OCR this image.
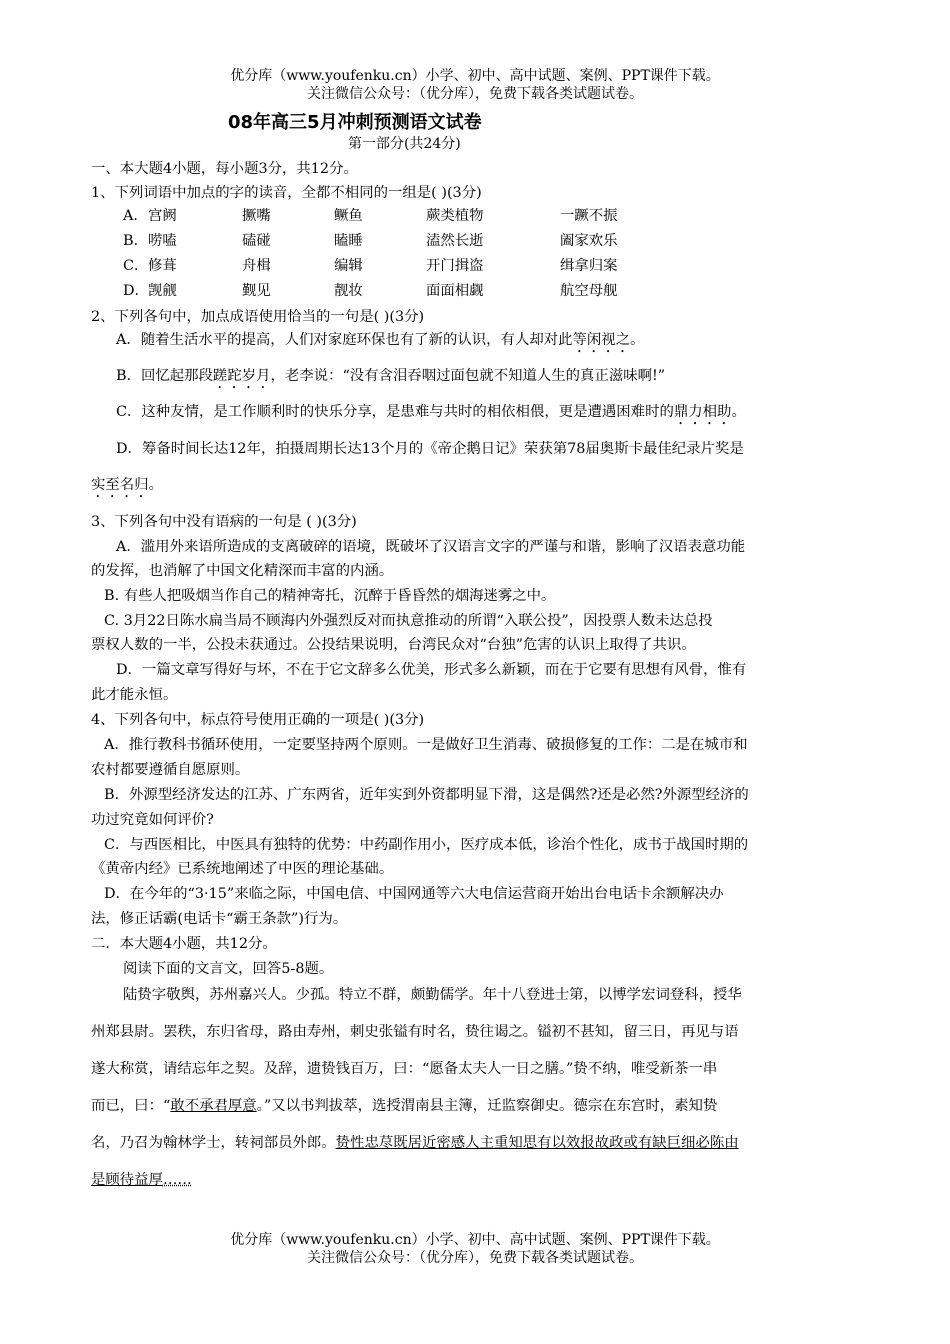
优分库（www.youfenku.cn）小学、初中、高中试题、案例、PPT课件下载。
关注微信公众号：（优分库），免费下载各类试题试卷。
08年高三5月冲刺预测语文试卷
第一部分(共24分)
一、本大题4小题，每小题3分，共12分。
1、下列词语中加点的字的读音，全都不相同的一组是( )(3分)
A． 宫阙	撅嘴	鳜鱼	蕨类植物	一蹶不振
B． 唠嗑	磕碰	瞌睡	溘然长逝	阖家欢乐
C． 修葺	舟楫	编辑	开门揖盗	缉拿归案
D． 觊觎	觐见	靓妆	面面相觑	航空母舰
2、下列各句中，加点成语使用恰当的一句是( )(3分)
A．随着生活水平的提高，人们对家庭环保也有了新的认识，有人却对此等闲视之。
B．回忆起那段蹉跎岁月，老李说：“没有含泪吞咽过面包就不知道人生的真正滋味啊!”
C．这种友情，是工作顺利时的快乐分享，是患难与共时的相依相偎，更是遭遇困难时的鼎力相助。
D．筹备时间长达12年，拍摄周期长达13个月的《帝企鹅日记》荣获第78届奥斯卡最佳纪录片奖是
实至名归。
3、下列各句中没有语病的一句是 ( )(3分)
A．滥用外来语所造成的支离破碎的语境，既破坏了汉语言文字的严谨与和谐，影响了汉语表意功能
的发挥，也消解了中国文化精深而丰富的内涵。
B. 有些人把吸烟当作自己的精神寄托，沉醉于昏昏然的烟海迷雾之中。
C. 3月22日陈水扁当局不顾海内外强烈反对而执意推动的所谓“入联公投”，因投票人数未达总投
票权人数的一半，公投未获通过。公投结果说明，台湾民众对“台独”危害的认识上取得了共识。
D．一篇文章写得好与坏，不在于它文辞多么优美，形式多么新颖，而在于它要有思想有风骨，惟有
此才能永恒。
4、下列各句中，标点符号使用正确的一项是( )(3分)
A．推行教科书循环使用，一定要坚持两个原则。一是做好卫生消毒、破损修复的工作：二是在城市和
农村都要遵循自愿原则。
B．外源型经济发达的江苏、广东两省，近年实到外资都明显下滑，这是偶然?还是必然?外源型经济的
功过究竟如何评价?
C．与西医相比，中医具有独特的优势：中药副作用小，医疗成本低，诊治个性化，成书于战国时期的
《黄帝内经》已系统地阐述了中医的理论基础。
D．在今年的“3·15”来临之际，中国电信、中国网通等六大电信运营商开始出台电话卡余额解决办
法，修正话霸(电话卡“霸王条款”)行为。
二．本大题4小题，共12分。
阅读下面的文言文，回答5-8题。
陆贽字敬舆，苏州嘉兴人。少孤。特立不群，颇勤儒学。年十八登进士第，以博学宏词登科，授华
州郑县尉。罢秩，东归省母，路由寿州，刺史张镒有时名，贽往谒之。镒初不甚知，留三日，再见与语
遂大称赏，请结忘年之契。及辞，遗贽钱百万，曰：“愿备太夫人一日之膳。”贽不纳，唯受新茶一串
而已，曰：“敢不承君厚意。”又以书判拔萃，选授渭南县主簿，迁监察御史。德宗在东宫时，素知贽
名，乃召为翰林学士，转祠部员外郎。贽性忠荩既居近密感人主重知思有以效报故政或有缺巨细必陈由
是顾待益厚……
优分库（www.youfenku.cn）小学、初中、高中试题、案例、PPT课件下载。
关注微信公众号：（优分库），免费下载各类试题试卷。
